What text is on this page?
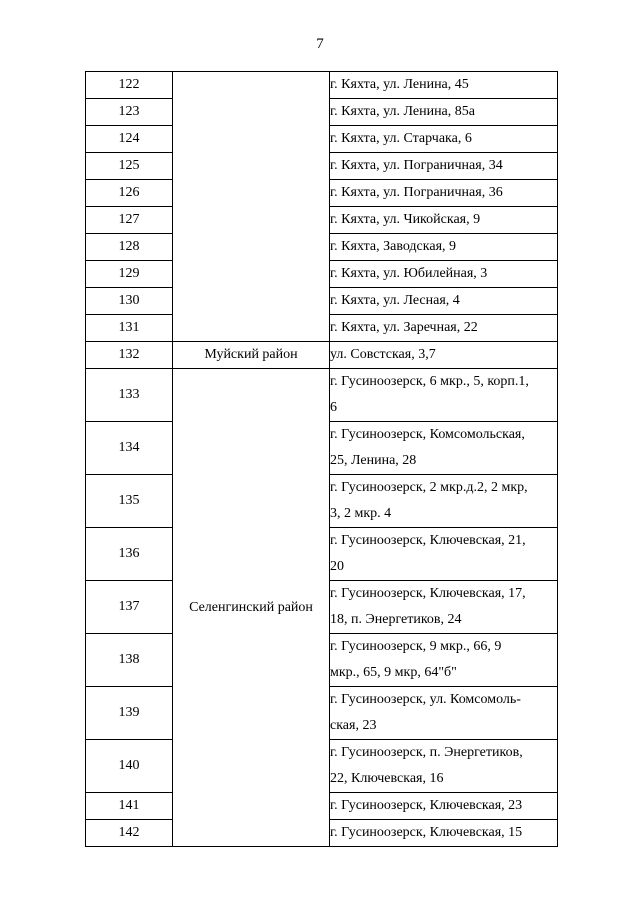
7
122		г. Кяхта, ул. Ленина, 45
123		г. Кяхта, ул. Ленина, 85а
124		г. Кяхта, ул. Старчака, 6
125		г. Кяхта, ул. Пограничная, 34
126		г. Кяхта, ул. Пограничная, 36
127		г. Кяхта, ул. Чикойская, 9
128		г. Кяхта, Заводская, 9
129		г. Кяхта, ул. Юбилейная, 3
130		г. Кяхта, ул. Лесная, 4
131		г. Кяхта, ул. Заречная, 22
132	Муйский район	ул. Совстская, 3,7
133	Селенгинский район	г. Гусиноозерск, 6 мкр., 5, корп.1,
6
134		г. Гусиноозерск, Комсомольская,
25, Ленина, 28
135		г. Гусиноозерск, 2 мкр.д.2, 2 мкр,
3, 2 мкр. 4
136		г. Гусиноозерск, Ключевская, 21,
20
137		г. Гусиноозерск, Ключевская, 17,
18, п. Энергетиков, 24
138		г. Гусиноозерск, 9 мкр., 66, 9
мкр., 65, 9 мкр, 64"б"
139		г. Гусиноозерск, ул. Комсомоль-
ская, 23
140		г. Гусиноозерск, п. Энергетиков,
22, Ключевская, 16
141		г. Гусиноозерск, Ключевская, 23
142		г. Гусиноозерск, Ключевская, 15
